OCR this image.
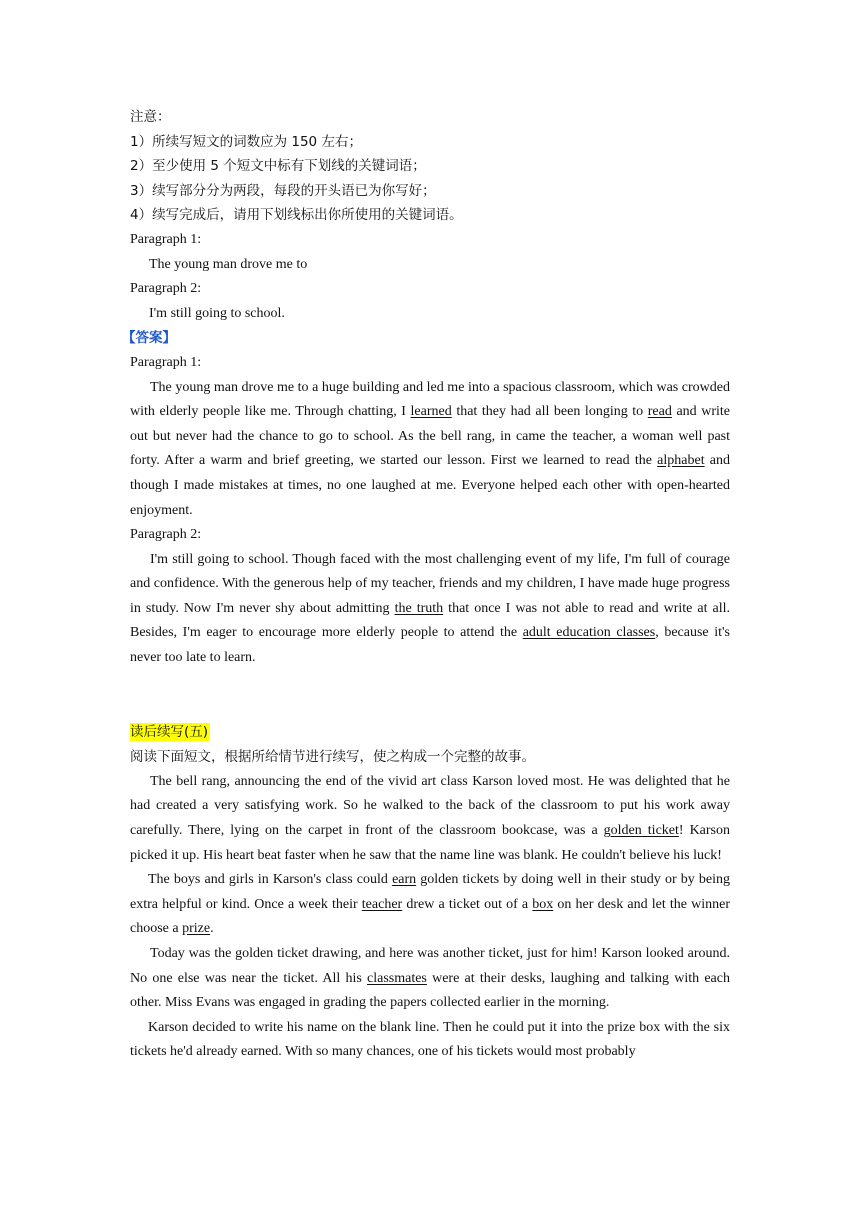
注意：
1）所续写短文的词数应为 150 左右；
2）至少使用 5 个短文中标有下划线的关键词语；
3）续写部分分为两段，每段的开头语已为你写好；
4）续写完成后，请用下划线标出你所使用的关键词语。
Paragraph 1:
The young man drove me to
Paragraph 2:
I'm still going to school.
【答案】
Paragraph 1:

The young man drove me to a huge building and led me into a spacious classroom, which was crowded with elderly people like me. Through chatting, I learned that they had all been longing to read and write out but never had the chance to go to school. As the bell rang, in came the teacher, a woman well past forty. After a warm and brief greeting, we started our lesson. First we learned to read the alphabet and though I made mistakes at times, no one laughed at me. Everyone helped each other with open-hearted enjoyment.

Paragraph 2:

I'm still going to school. Though faced with the most challenging event of my life, I'm full of courage and confidence. With the generous help of my teacher, friends and my children, I have made huge progress in study. Now I'm never shy about admitting the truth that once I was not able to read and write at all. Besides, I'm eager to encourage more elderly people to attend the adult education classes, because it's never too late to learn.

读后续写(五)
阅读下面短文，根据所给情节进行续写，使之构成一个完整的故事。

The bell rang, announcing the end of the vivid art class Karson loved most. He was delighted that he had created a very satisfying work. So he walked to the back of the classroom to put his work away carefully. There, lying on the carpet in front of the classroom bookcase, was a golden ticket! Karson picked it up. His heart beat faster when he saw that the name line was blank. He couldn't believe his luck!

The boys and girls in Karson's class could earn golden tickets by doing well in their study or by being extra helpful or kind. Once a week their teacher drew a ticket out of a box on her desk and let the winner choose a prize.

Today was the golden ticket drawing, and here was another ticket, just for him! Karson looked around. No one else was near the ticket. All his classmates were at their desks, laughing and talking with each other. Miss Evans was engaged in grading the papers collected earlier in the morning.

Karson decided to write his name on the blank line. Then he could put it into the prize box with the six tickets he'd already earned. With so many chances, one of his tickets would most probably
